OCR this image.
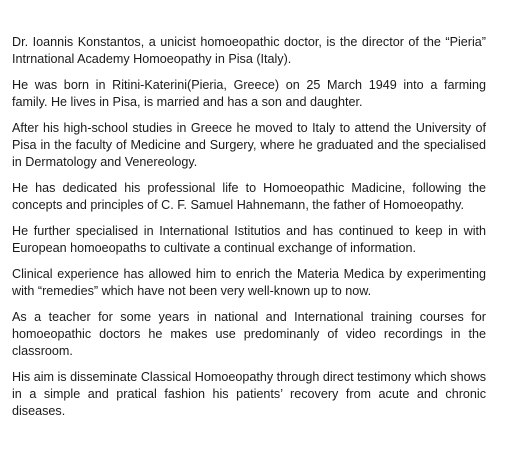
Dr. Ioannis Konstantos, a unicist homoeopathic doctor, is the director of the “Pieria” Intrnational Academy Homoeopathy in Pisa (Italy).

He was born in Ritini-Katerini(Pieria, Greece) on 25 March 1949 into a farming family. He lives in Pisa, is married and has a son and daughter.

After his high-school studies in Greece he moved to Italy to attend the University of Pisa in the faculty of Medicine and Surgery, where he graduated and the specialised in Dermatology and Venereology.

He has dedicated his professional life to Homoeopathic Madicine, following the concepts and principles of C. F. Samuel Hahnemann, the father of Homoeopathy.

He further specialised in International Istitutios and has continued to keep in with European homoeopaths to cultivate a continual exchange of information.

Clinical experience has allowed him to enrich the Materia Medica by experimenting with “remedies” which have not been very well-known up to now.

As a teacher for some years in national and International training courses for homoeopathic doctors he makes use predominanly of video recordings in the classroom.

His aim is disseminate Classical Homoeopathy through direct testimony which shows in a simple and pratical fashion his patients’ recovery from acute and chronic diseases.
